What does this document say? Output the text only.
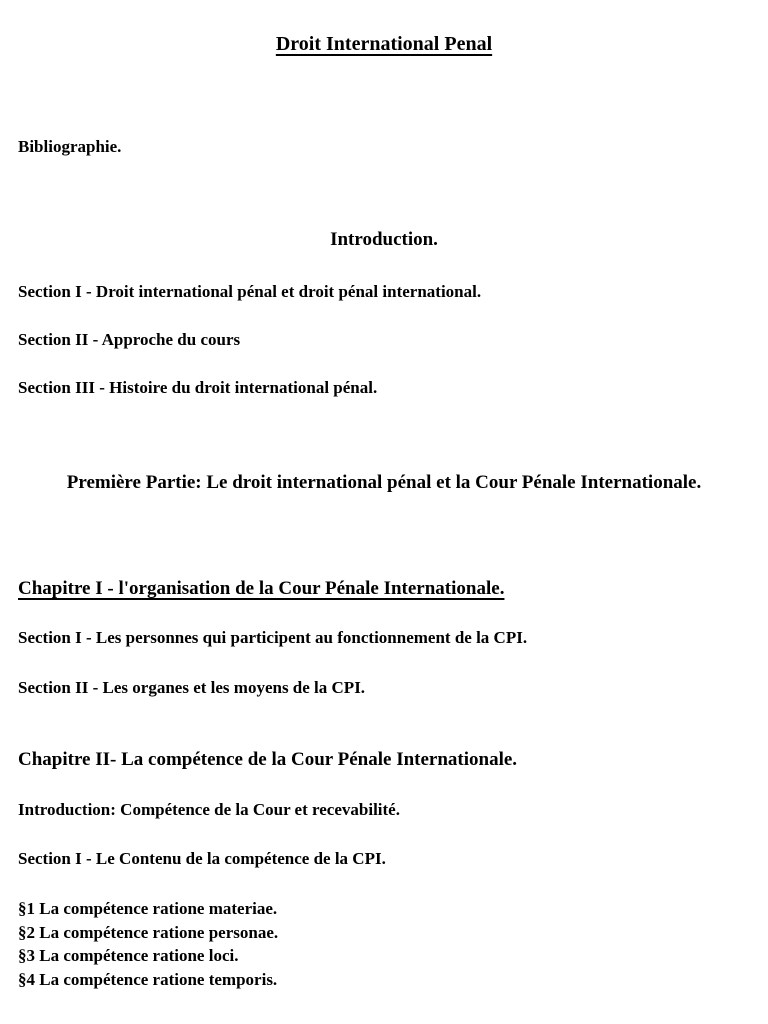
Droit International Penal
Bibliographie.
Introduction.
Section I - Droit international pénal et droit pénal international.
Section II - Approche du cours
Section III - Histoire du droit international pénal.
Première Partie: Le droit international pénal et la Cour Pénale Internationale.
Chapitre I - l'organisation de la Cour Pénale Internationale.
Section I - Les personnes qui participent au fonctionnement de la CPI.
Section II - Les organes et les moyens de la CPI.
Chapitre II- La compétence de la Cour Pénale Internationale.
Introduction: Compétence de la Cour et recevabilité.
Section I - Le Contenu de la compétence de la CPI.
§1 La compétence ratione materiae.
§2 La compétence ratione personae.
§3 La compétence ratione loci.
§4 La compétence ratione temporis.
